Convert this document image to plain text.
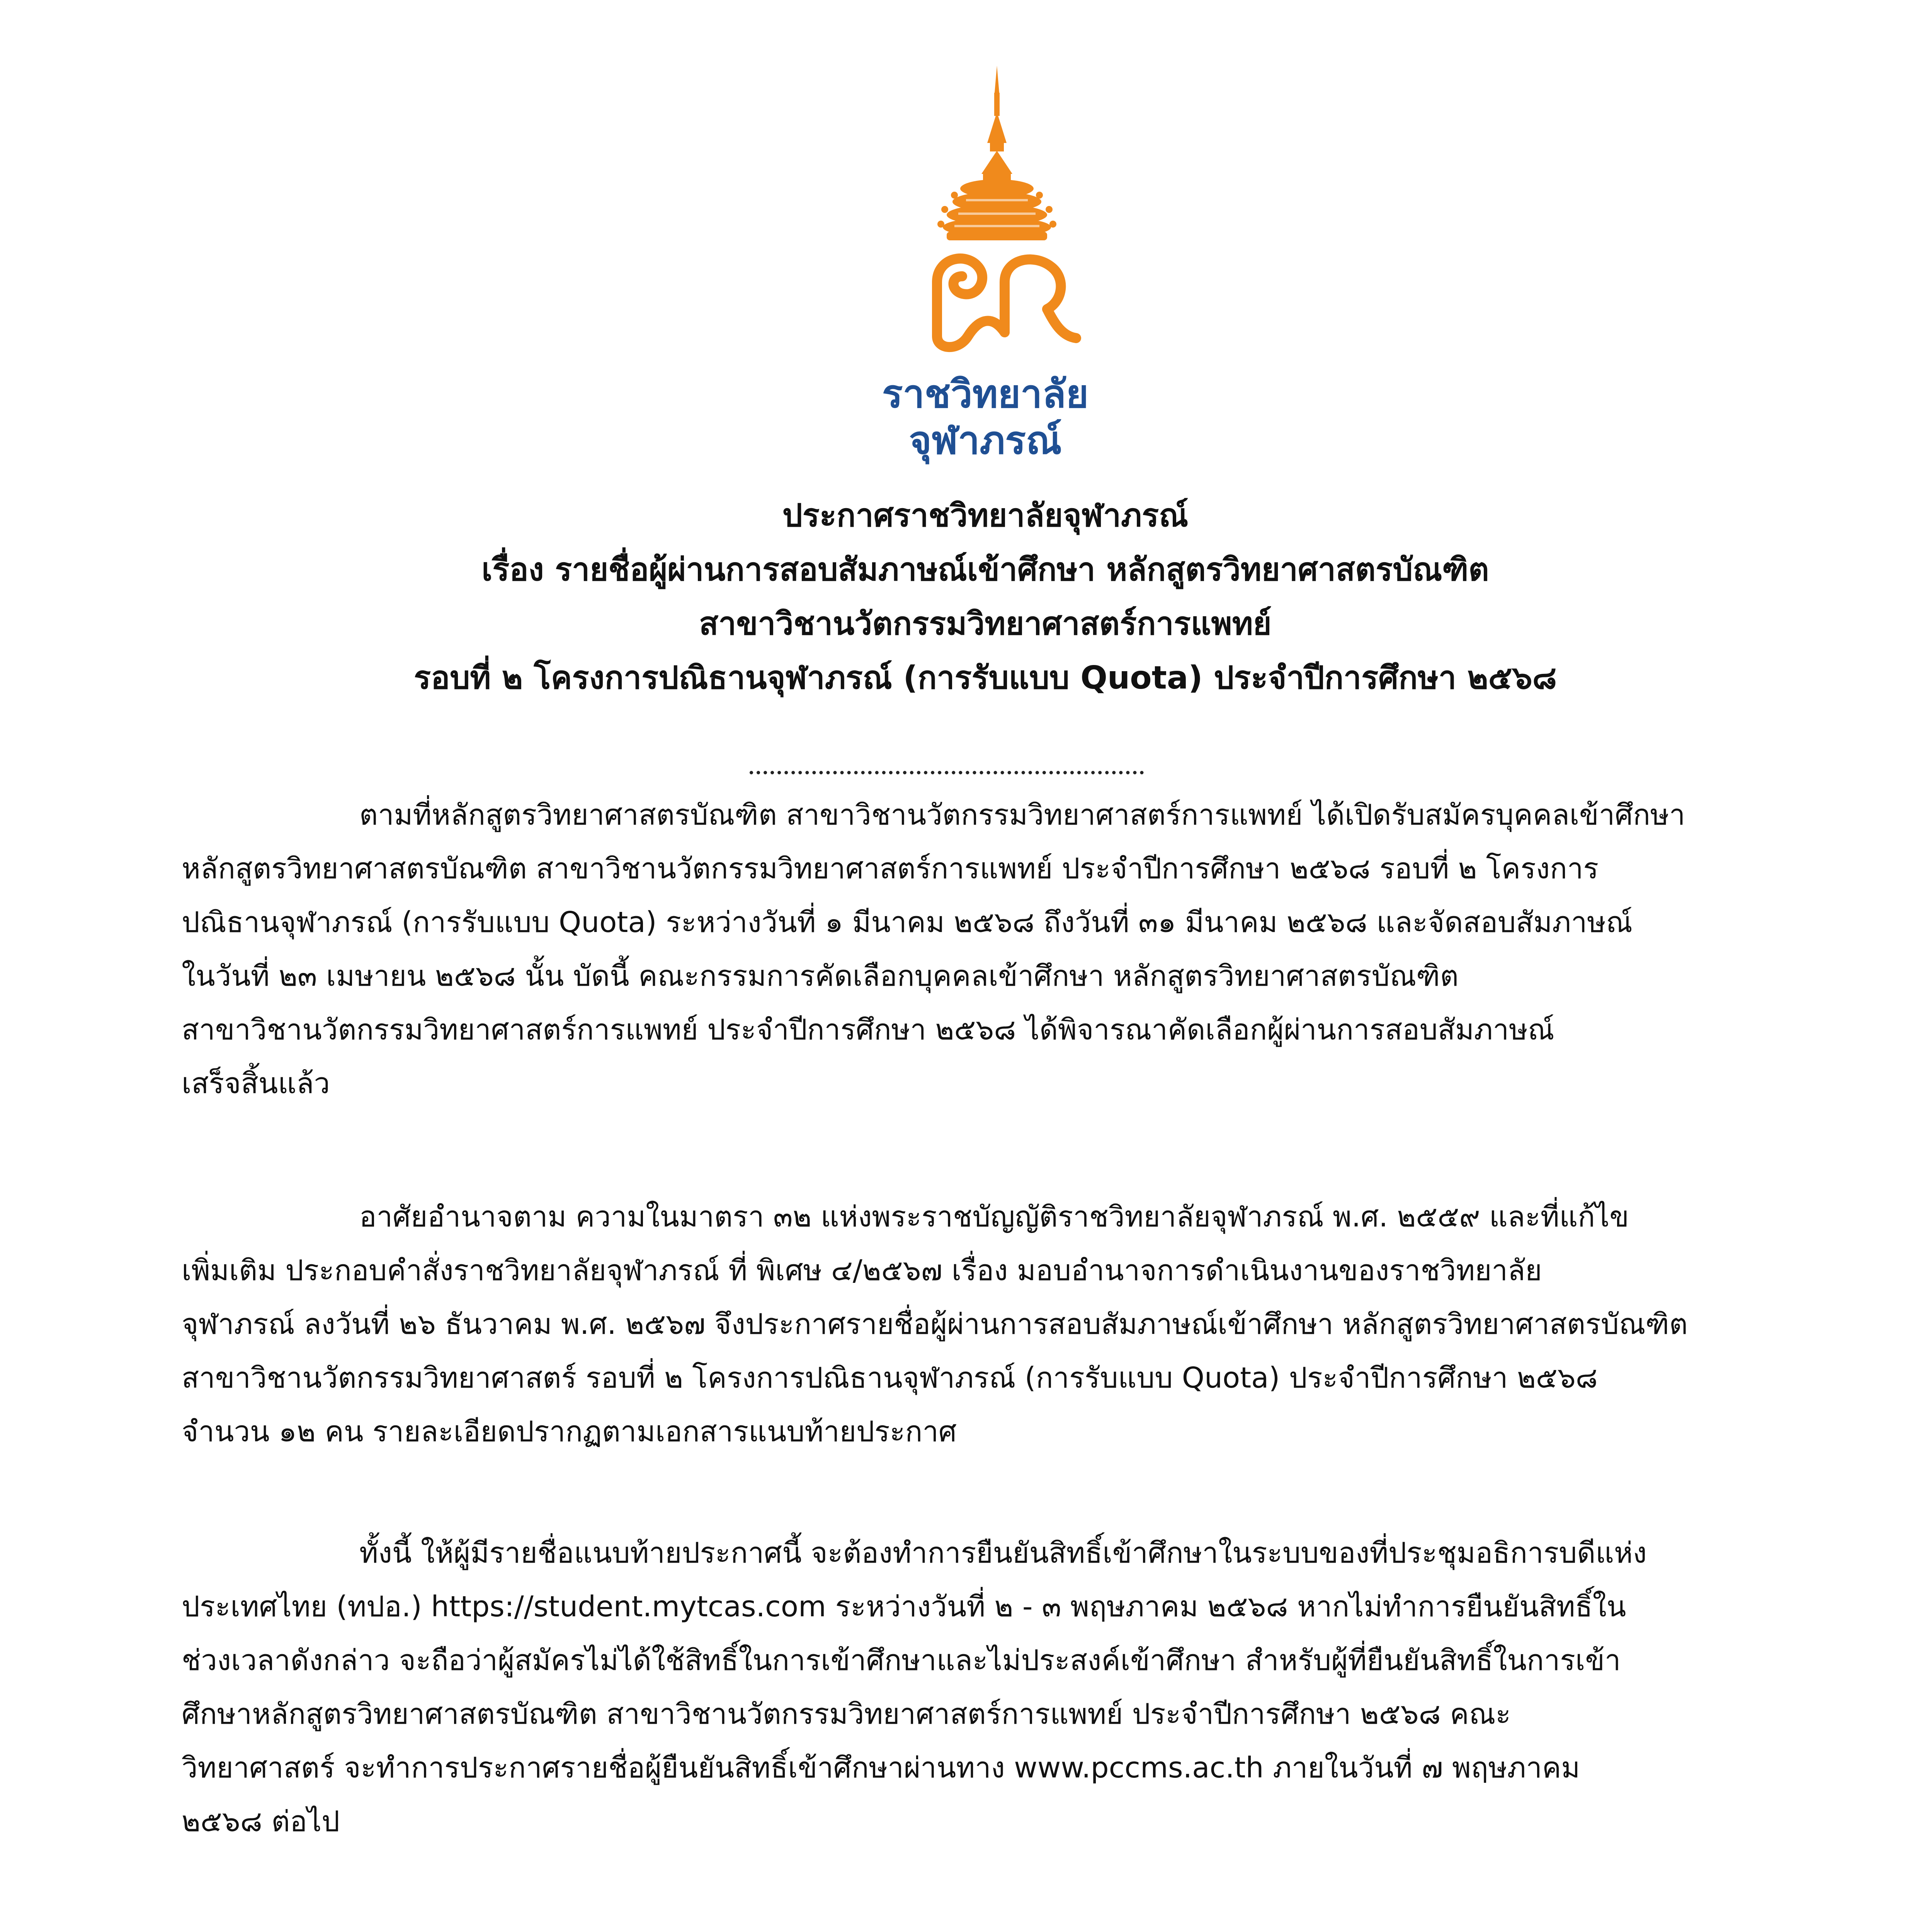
ราชวิทยาลัย
จุฬาภรณ์
ประกาศราชวิทยาลัยจุฬาภรณ์
เรื่อง รายชื่อผู้ผ่านการสอบสัมภาษณ์เข้าศึกษา หลักสูตรวิทยาศาสตรบัณฑิต
สาขาวิชานวัตกรรมวิทยาศาสตร์การแพทย์
รอบที่ ๒ โครงการปณิธานจุฬาภรณ์ (การรับแบบ Quota) ประจำปีการศึกษา ๒๕๖๘
ตามที่หลักสูตรวิทยาศาสตรบัณฑิต สาขาวิชานวัตกรรมวิทยาศาสตร์การแพทย์ ได้เปิดรับสมัครบุคคลเข้าศึกษา
หลักสูตรวิทยาศาสตรบัณฑิต สาขาวิชานวัตกรรมวิทยาศาสตร์การแพทย์ ประจำปีการศึกษา ๒๕๖๘ รอบที่ ๒ โครงการ
ปณิธานจุฬาภรณ์ (การรับแบบ Quota) ระหว่างวันที่ ๑ มีนาคม ๒๕๖๘ ถึงวันที่ ๓๑ มีนาคม ๒๕๖๘ และจัดสอบสัมภาษณ์
ในวันที่ ๒๓ เมษายน ๒๕๖๘ นั้น บัดนี้ คณะกรรมการคัดเลือกบุคคลเข้าศึกษา หลักสูตรวิทยาศาสตรบัณฑิต
สาขาวิชานวัตกรรมวิทยาศาสตร์การแพทย์ ประจำปีการศึกษา ๒๕๖๘ ได้พิจารณาคัดเลือกผู้ผ่านการสอบสัมภาษณ์
เสร็จสิ้นแล้ว
อาศัยอำนาจตาม ความในมาตรา ๓๒ แห่งพระราชบัญญัติราชวิทยาลัยจุฬาภรณ์ พ.ศ. ๒๕๕๙ และที่แก้ไข
เพิ่มเติม ประกอบคำสั่งราชวิทยาลัยจุฬาภรณ์ ที่ พิเศษ ๔/๒๕๖๗ เรื่อง มอบอำนาจการดำเนินงานของราชวิทยาลัย
จุฬาภรณ์ ลงวันที่ ๒๖ ธันวาคม พ.ศ. ๒๕๖๗ จึงประกาศรายชื่อผู้ผ่านการสอบสัมภาษณ์เข้าศึกษา หลักสูตรวิทยาศาสตรบัณฑิต
สาขาวิชานวัตกรรมวิทยาศาสตร์ รอบที่ ๒ โครงการปณิธานจุฬาภรณ์ (การรับแบบ Quota) ประจำปีการศึกษา ๒๕๖๘
จำนวน ๑๒ คน รายละเอียดปรากฏตามเอกสารแนบท้ายประกาศ
ทั้งนี้ ให้ผู้มีรายชื่อแนบท้ายประกาศนี้ จะต้องทำการยืนยันสิทธิ์เข้าศึกษาในระบบของที่ประชุมอธิการบดีแห่ง
ประเทศไทย (ทปอ.) https://student.mytcas.com ระหว่างวันที่ ๒ - ๓ พฤษภาคม ๒๕๖๘ หากไม่ทำการยืนยันสิทธิ์ใน
ช่วงเวลาดังกล่าว จะถือว่าผู้สมัครไม่ได้ใช้สิทธิ์ในการเข้าศึกษาและไม่ประสงค์เข้าศึกษา สำหรับผู้ที่ยืนยันสิทธิ์ในการเข้า
ศึกษาหลักสูตรวิทยาศาสตรบัณฑิต สาขาวิชานวัตกรรมวิทยาศาสตร์การแพทย์ ประจำปีการศึกษา ๒๕๖๘ คณะ
วิทยาศาสตร์ จะทำการประกาศรายชื่อผู้ยืนยันสิทธิ์เข้าศึกษาผ่านทาง www.pccms.ac.th ภายในวันที่ ๗ พฤษภาคม
๒๕๖๘ ต่อไป
